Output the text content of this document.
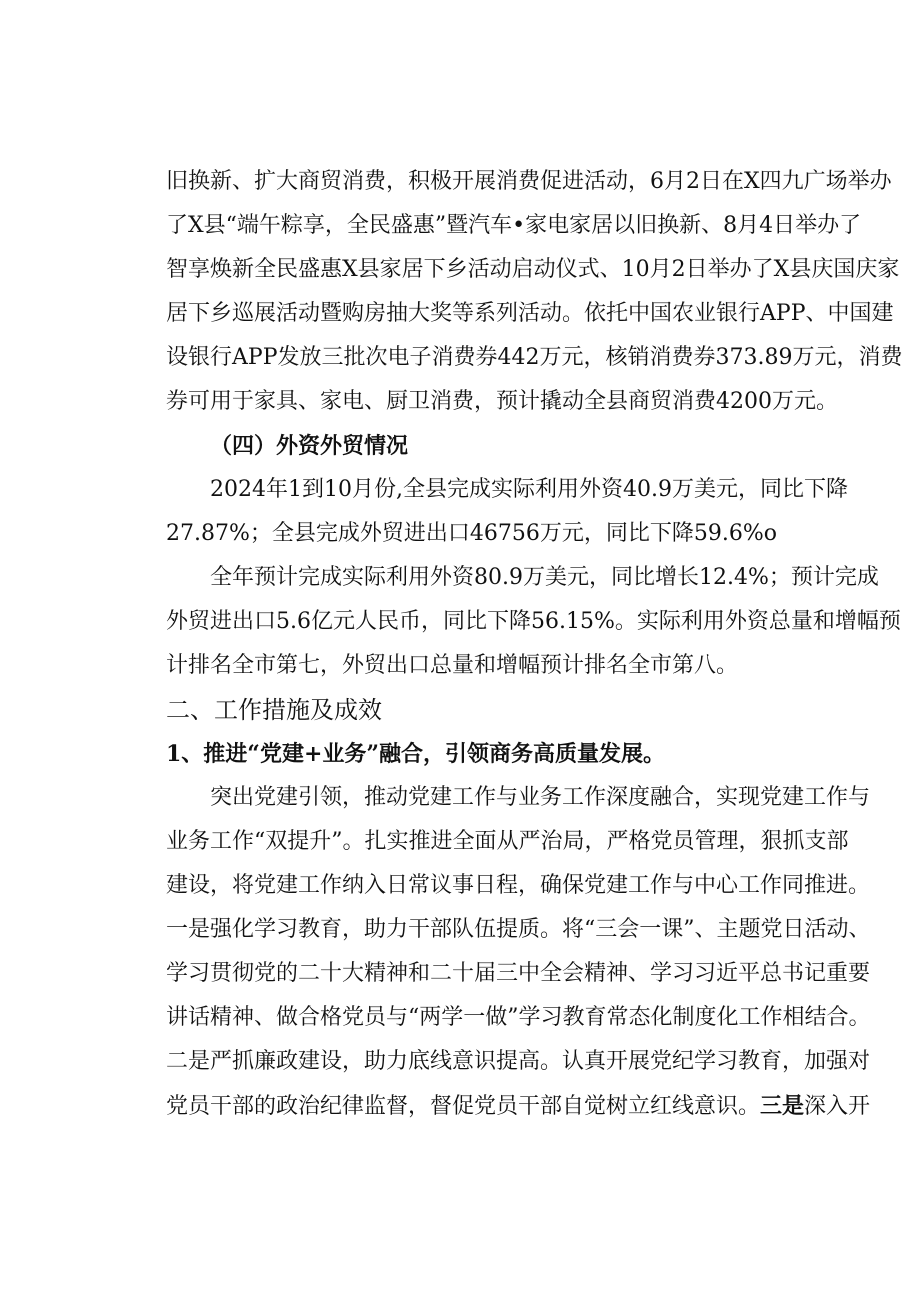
旧换新、扩大商贸消费，积极开展消费促进活动，6月2日在X四九广场举办
了X县“端午粽享，全民盛惠”暨汽车•家电家居以旧换新、8月4日举办了
智享焕新全民盛惠X县家居下乡活动启动仪式、10月2日举办了X县庆国庆家
居下乡巡展活动暨购房抽大奖等系列活动。依托中国农业银行APP、中国建
设银行APP发放三批次电子消费券442万元，核销消费券373.89万元，消费
券可用于家具、家电、厨卫消费，预计撬动全县商贸消费4200万元。
（四）外资外贸情况
2024年1到10月份,全县完成实际利用外资40.9万美元，同比下降
27.87%；全县完成外贸进出口46756万元，同比下降59.6%o
全年预计完成实际利用外资80.9万美元，同比增长12.4%；预计完成
外贸进出口5.6亿元人民币，同比下降56.15%。实际利用外资总量和增幅预
计排名全市第七，外贸出口总量和增幅预计排名全市第八。
二、工作措施及成效
1、推进“党建+业务”融合，引领商务高质量发展。
突出党建引领，推动党建工作与业务工作深度融合，实现党建工作与
业务工作“双提升”。扎实推进全面从严治局，严格党员管理，狠抓支部
建设，将党建工作纳入日常议事日程，确保党建工作与中心工作同推进。
一是强化学习教育，助力干部队伍提质。将“三会一课”、主题党日活动、
学习贯彻党的二十大精神和二十届三中全会精神、学习习近平总书记重要
讲话精神、做合格党员与“两学一做”学习教育常态化制度化工作相结合。
二是严抓廉政建设，助力底线意识提高。认真开展党纪学习教育，加强对
党员干部的政治纪律监督，督促党员干部自觉树立红线意识。三是深入开
